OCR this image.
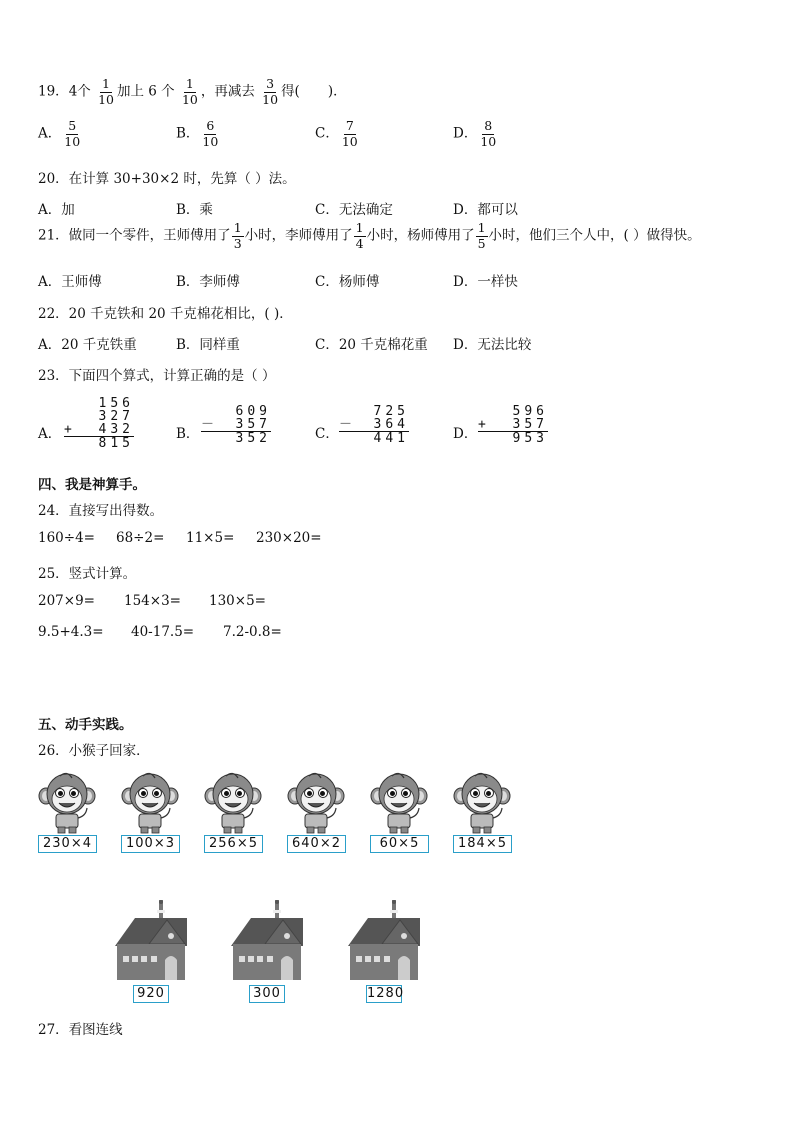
19．4个 $\frac{1}{10}$ 加上 6 个 $\frac{1}{10}$ ，再减去 $\frac{3}{10}$ 得( )．
A． $\frac{5}{10}$	B． $\frac{6}{10}$	C． $\frac{7}{10}$	D． $\frac{8}{10}$
20．在计算 30+30×2 时，先算（ ）法。
A．加	B．乘	C．无法确定	D．都可以
21．做同一个零件，王师傅用了 $\frac{1}{3}$ 小时，李师傅用了 $\frac{1}{4}$ 小时，杨师傅用了 $\frac{1}{5}$ 小时，他们三个人中，( ）做得快。
A．王师傅	B．李师傅	C．杨师傅	D．一样快
22．20 千克铁和 20 千克棉花相比，( )．
A．20 千克铁重	B．同样重	C．20 千克棉花重 D．无法比较
23．下面四个算式，计算正确的是（ ）
A．
156
327
+ 432
815
B．
609
－ 357
352	C．
725
－ 364
441	D．
596
+ 357
953
四、我是神算手。
24．直接写出得数。
160÷4= 68÷2= 11×5= 230×20=
25．竖式计算。
207×9= 154×3= 130×5=
9.5+4.3= 40-17.5= 7.2-0.8=
五、动手实践。
26．小猴子回家．
230×4	100×3	256×5	640×2	60×5	184×5
920	300	1280
27．看图连线
